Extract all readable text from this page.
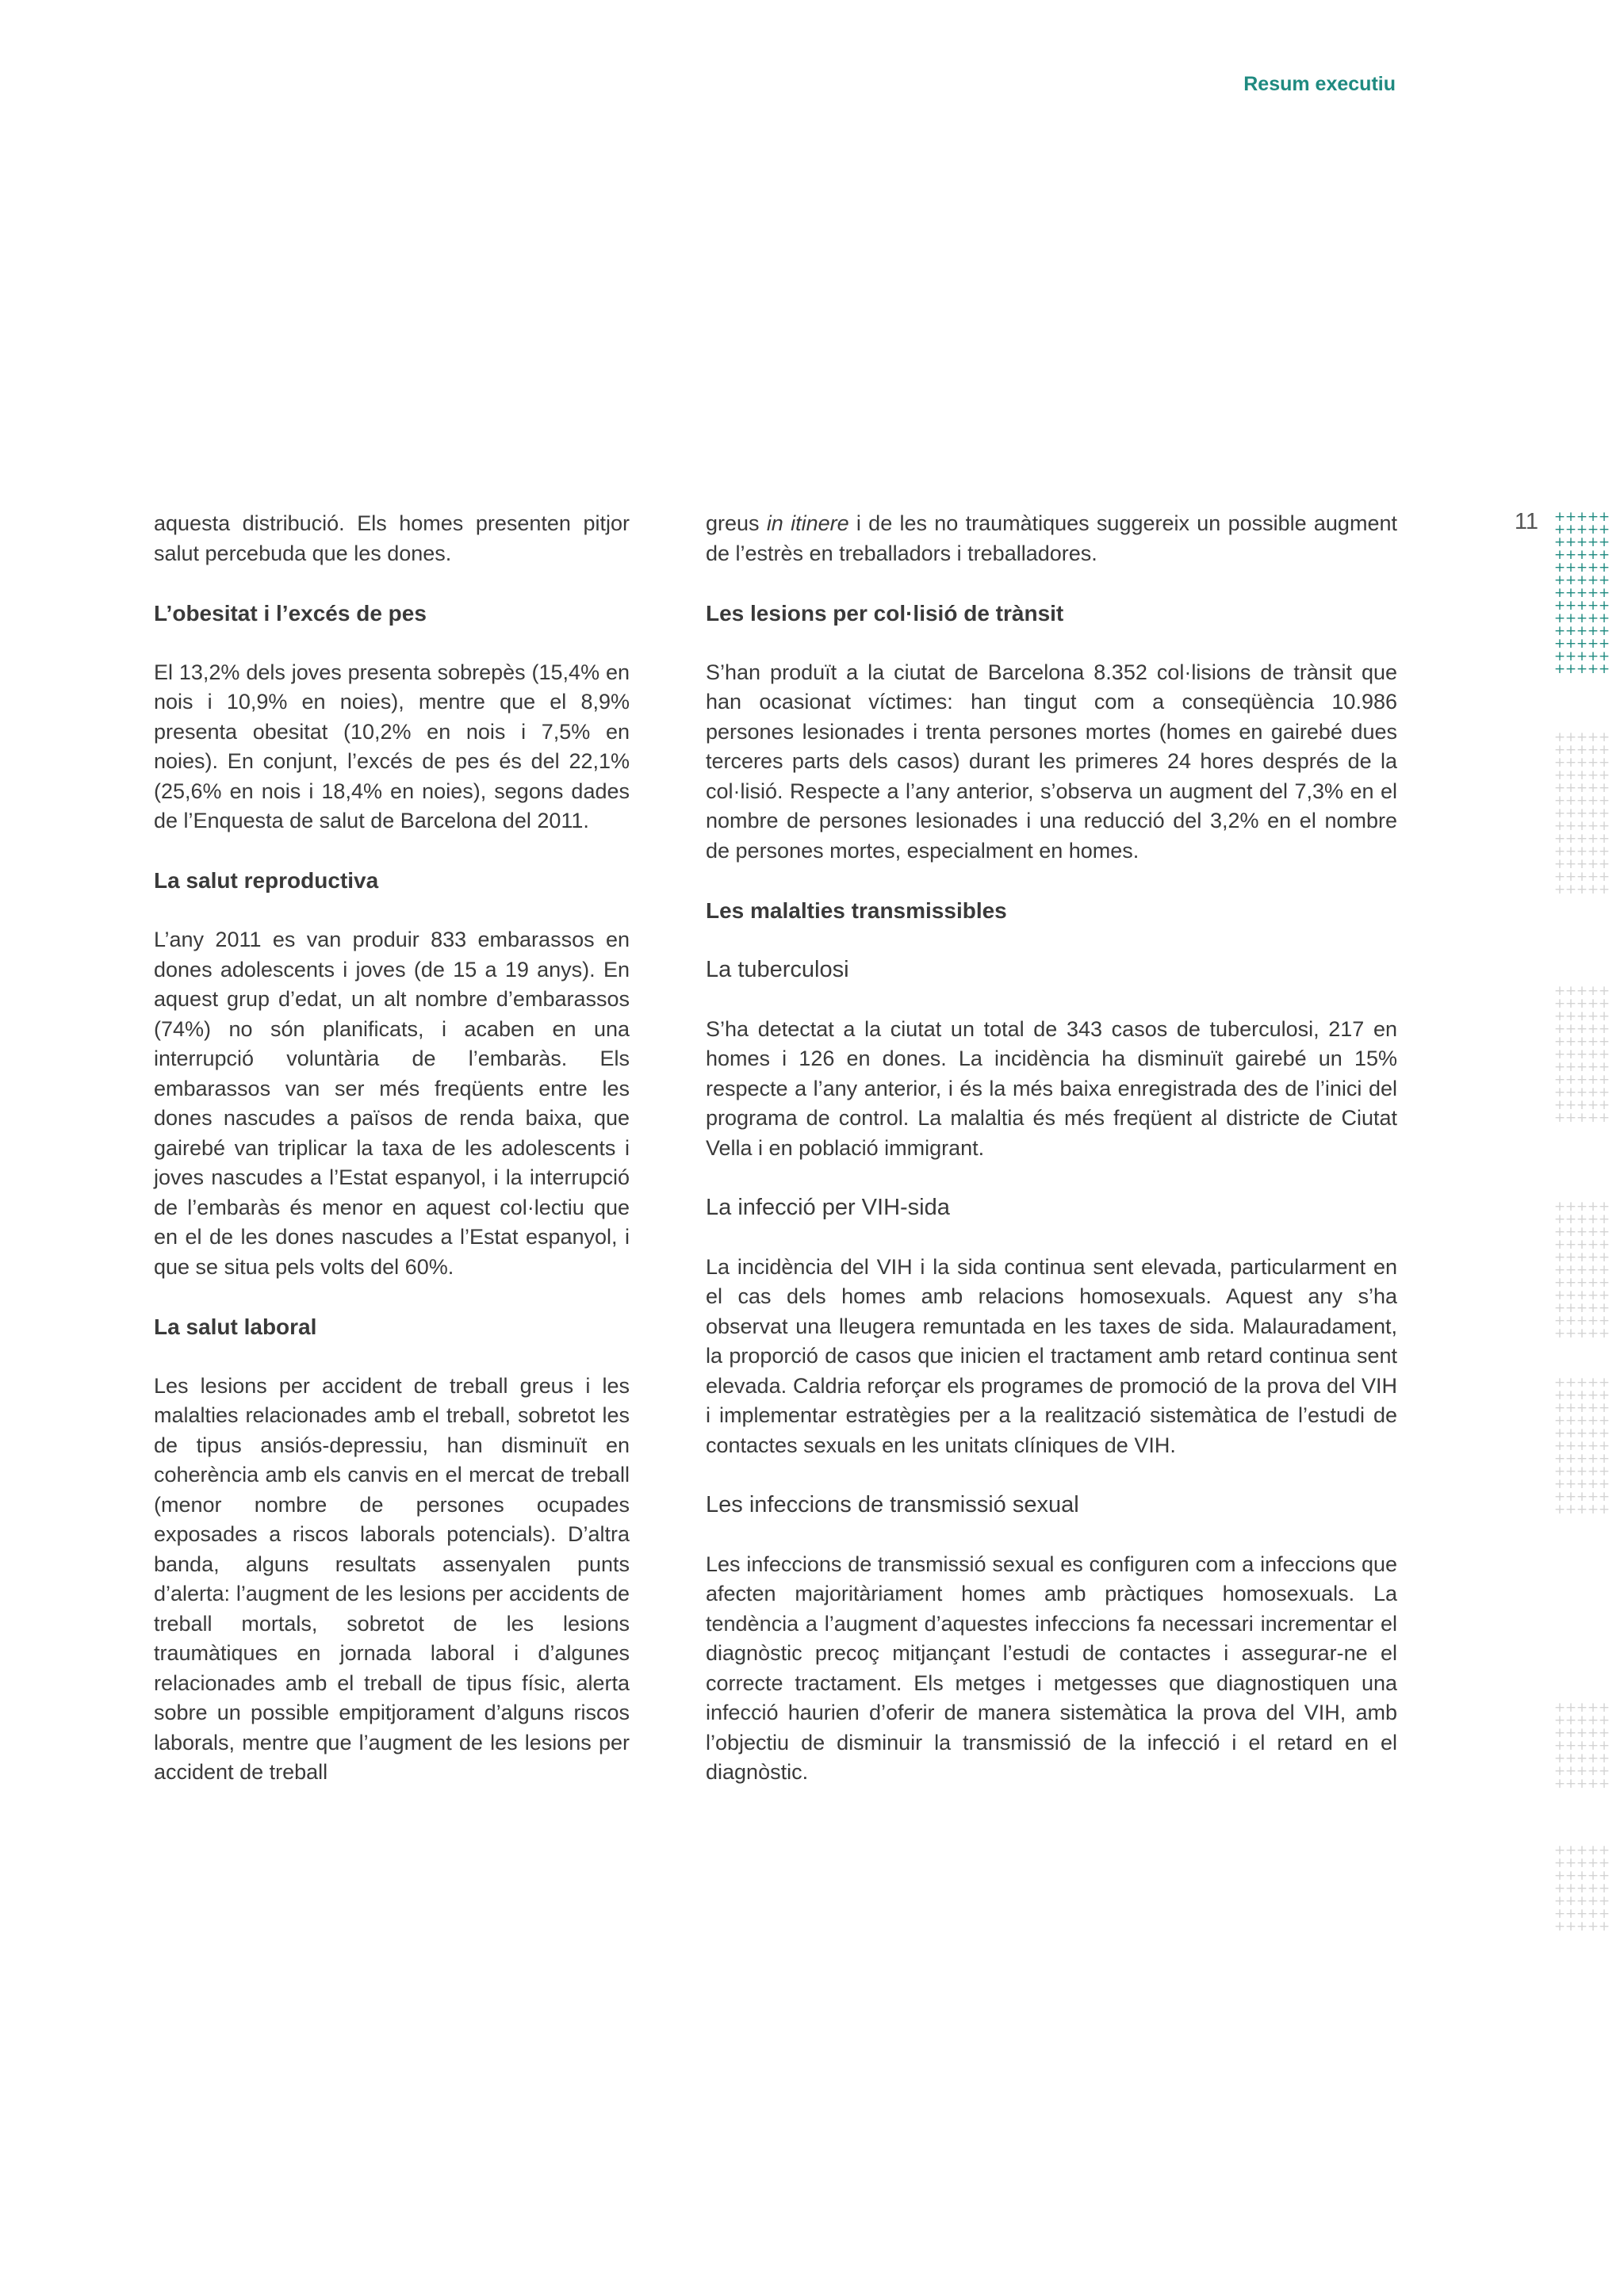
Resum executiu
11

aquesta distribució. Els homes presenten pitjor salut percebuda que les dones.

L’obesitat i l’excés de pes

El 13,2% dels joves presenta sobrepès (15,4% en nois i 10,9% en noies), mentre que el 8,9% presenta obesitat (10,2% en nois i 7,5% en noies). En conjunt, l’excés de pes és del 22,1% (25,6% en nois i 18,4% en noies), segons dades de l’Enquesta de salut de Barcelona del 2011.

La salut reproductiva

L’any 2011 es van produir 833 embarassos en dones adolescents i joves (de 15 a 19 anys). En aquest grup d’edat, un alt nombre d’embarassos (74%) no són planificats, i acaben en una interrupció voluntària de l’embaràs. Els embarassos van ser més freqüents entre les dones nascudes a països de renda baixa, que gairebé van triplicar la taxa de les adolescents i joves nascudes a l’Estat espanyol, i la interrupció de l’embaràs és menor en aquest col·lectiu que en el de les dones nascudes a l’Estat espanyol, i que se situa pels volts del 60%.

La salut laboral

Les lesions per accident de treball greus i les malalties relacionades amb el treball, sobretot les de tipus ansiós-depressiu, han disminuït en coherència amb els canvis en el mercat de treball (menor nombre de persones ocupades exposades a riscos laborals potencials). D’altra banda, alguns resultats assenyalen punts d’alerta: l’augment de les lesions per accidents de treball mortals, sobretot de les lesions traumàtiques en jornada laboral i d’algunes relacionades amb el treball de tipus físic, alerta sobre un possible empitjorament d’alguns riscos laborals, mentre que l’augment de les lesions per accident de treball

greus in itinere i de les no traumàtiques suggereix un possible augment de l’estrès en treballadors i treballadores.

Les lesions per col·lisió de trànsit

S’han produït a la ciutat de Barcelona 8.352 col·lisions de trànsit que han ocasionat víctimes: han tingut com a conseqüència 10.986 persones lesionades i trenta persones mortes (homes en gairebé dues terceres parts dels casos) durant les primeres 24 hores després de la col·lisió. Respecte a l’any anterior, s’observa un augment del 7,3% en el nombre de persones lesionades i una reducció del 3,2% en el nombre de persones mortes, especialment en homes.

Les malalties transmissibles

La tuberculosi

S’ha detectat a la ciutat un total de 343 casos de tuberculosi, 217 en homes i 126 en dones. La incidència ha disminuït gairebé un 15% respecte a l’any anterior, i és la més baixa enregistrada des de l’inici del programa de control. La malaltia és més freqüent al districte de Ciutat Vella i en població immigrant.

La infecció per VIH-sida

La incidència del VIH i la sida continua sent elevada, particularment en el cas dels homes amb relacions homosexuals. Aquest any s’ha observat una lleugera remuntada en les taxes de sida. Malauradament, la proporció de casos que inicien el tractament amb retard continua sent elevada. Caldria reforçar els programes de promoció de la prova del VIH i implementar estratègies per a la realització sistemàtica de l’estudi de contactes sexuals en les unitats clíniques de VIH.

Les infeccions de transmissió sexual

Les infeccions de transmissió sexual es configuren com a infeccions que afecten majoritàriament homes amb pràctiques homosexuals. La tendència a l’augment d’aquestes infeccions fa necessari incrementar el diagnòstic precoç mitjançant l’estudi de contactes i assegurar-ne el correcte tractament. Els metges i metgesses que diagnostiquen una infecció haurien d’oferir de manera sistemàtica la prova del VIH, amb l’objectiu de disminuir la transmissió de la infecció i el retard en el diagnòstic.

+ + + + +
+ + + + +
+ + + + +
+ + + + +
+ + + + +
+ + + + +
+ + + + +
+ + + + +
+ + + + +
+ + + + +
+ + + + +
+ + + + +
+ + + + +
+ + + + +
+ + + + +
+ + + + +
+ + + + +
+ + + + +
+ + + + +
+ + + + +
+ + + + +
+ + + + +
+ + + + +
+ + + + +
+ + + + +
+ + + + +
+ + + + +
+ + + + +
+ + + + +
+ + + + +
+ + + + +
+ + + + +
+ + + + +
+ + + + +
+ + + + +
+ + + + +
+ + + + +
+ + + + +
+ + + + +
+ + + + +
+ + + + +
+ + + + +
+ + + + +
+ + + + +
+ + + + +
+ + + + +
+ + + + +
+ + + + +
+ + + + +
+ + + + +
+ + + + +
+ + + + +
+ + + + +
+ + + + +
+ + + + +
+ + + + +
+ + + + +
+ + + + +
+ + + + +
+ + + + +
+ + + + +
+ + + + +
+ + + + +
+ + + + +
+ + + + +
+ + + + +
+ + + + +
+ + + + +
+ + + + +
+ + + + +
+ + + + +
+ + + + +
+ + + + +
